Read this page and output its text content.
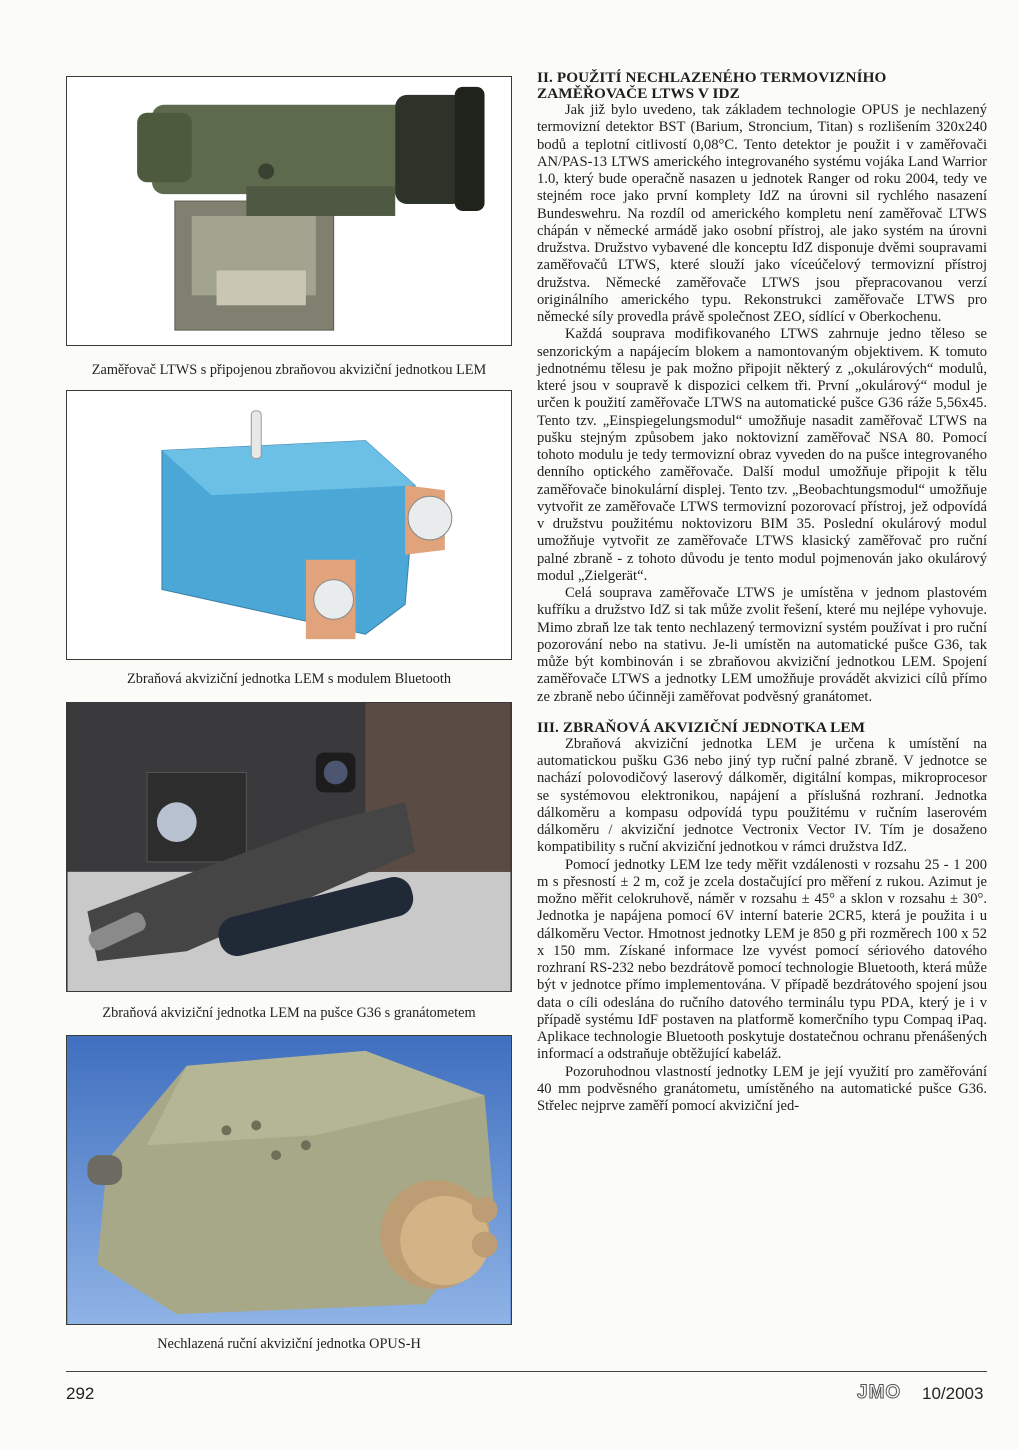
Zaměřovač LTWS s připojenou zbraňovou akviziční jednotkou LEM
Zbraňová akviziční jednotka LEM s modulem Bluetooth
Zbraňová akviziční jednotka LEM na pušce G36 s granátometem
Nechlazená ruční akviziční jednotka OPUS-H
II. POUŽITÍ NECHLAZENÉHO TERMOVIZNÍHO
ZAMĚŘOVAČE LTWS V IDZ

Jak již bylo uvedeno, tak základem technologie OPUS je nechlazený termovizní detektor BST (Barium, Stroncium, Titan) s rozlišením 320x240 bodů a teplotní citlivostí 0,08°C. Tento detektor je použit i v zaměřovači AN/PAS-13 LTWS amerického integrovaného systému vojáka Land Warrior 1.0, který bude operačně nasazen u jednotek Ranger od roku 2004, tedy ve stejném roce jako první komplety IdZ na úrovni sil rychlého nasazení Bundeswehru. Na rozdíl od amerického kompletu není zaměřovač LTWS chápán v německé armádě jako osobní přístroj, ale jako systém na úrovni družstva. Družstvo vybavené dle konceptu IdZ disponuje dvěmi soupravami zaměřovačů LTWS, které slouží jako víceúčelový termovizní přístroj družstva. Německé zaměřovače LTWS jsou přepracovanou verzí originálního amerického typu. Rekonstrukci zaměřovače LTWS pro německé síly provedla právě společnost ZEO, sídlící v Oberkochenu.

Každá souprava modifikovaného LTWS zahrnuje jedno těleso se senzorickým a napájecím blokem a namontovaným objektivem. K tomuto jednotnému tělesu je pak možno připojit některý z „okulárových“ modulů, které jsou v soupravě k dispozici celkem tři. První „okulárový“ modul je určen k použití zaměřovače LTWS na automatické pušce G36 ráže 5,56x45. Tento tzv. „Einspiegelungsmodul“ umožňuje nasadit zaměřovač LTWS na pušku stejným způsobem jako noktovizní zaměřovač NSA 80. Pomocí tohoto modulu je tedy termovizní obraz vyveden do na pušce integrovaného denního optického zaměřovače. Další modul umožňuje připojit k tělu zaměřovače binokulární displej. Tento tzv. „Beobachtungsmodul“ umožňuje vytvořit ze zaměřovače LTWS termovizní pozorovací přístroj, jež odpovídá v družstvu použitému noktovizoru BIM 35. Poslední okulárový modul umožňuje vytvořit ze zaměřovače LTWS klasický zaměřovač pro ruční palné zbraně - z tohoto důvodu je tento modul pojmenován jako okulárový modul „Zielgerät“.

Celá souprava zaměřovače LTWS je umístěna v jednom plastovém kufříku a družstvo IdZ si tak může zvolit řešení, které mu nejlépe vyhovuje. Mimo zbraň lze tak tento nechlazený termovizní systém používat i pro ruční pozorování nebo na stativu. Je-li umístěn na automatické pušce G36, tak může být kombinován i se zbraňovou akviziční jednotkou LEM. Spojení zaměřovače LTWS a jednotky LEM umožňuje provádět akvizici cílů přímo ze zbraně nebo účinněji zaměřovat podvěsný granátomet.

III. ZBRAŇOVÁ AKVIZIČNÍ JEDNOTKA LEM

Zbraňová akviziční jednotka LEM je určena k umístění na automatickou pušku G36 nebo jiný typ ruční palné zbraně. V jednotce se nachází polovodičový laserový dálkoměr, digitální kompas, mikroprocesor se systémovou elektronikou, napájení a příslušná rozhraní. Jednotka dálkoměru a kompasu odpovídá typu použitému v ručním laserovém dálkoměru / akviziční jednotce Vectronix Vector IV. Tím je dosaženo kompatibility s ruční akviziční jednotkou v rámci družstva IdZ.

Pomocí jednotky LEM lze tedy měřit vzdálenosti v rozsahu 25 - 1 200 m s přesností ± 2 m, což je zcela dostačující pro měření z rukou. Azimut je možno měřit celokruhově, náměr v rozsahu ± 45° a sklon v rozsahu ± 30°. Jednotka je napájena pomocí 6V interní baterie 2CR5, která je použita i u dálkoměru Vector. Hmotnost jednotky LEM je 850 g při rozměrech 100 x 52 x 150 mm. Získané informace lze vyvést pomocí sériového datového rozhraní RS-232 nebo bezdrátově pomocí technologie Bluetooth, která může být v jednotce přímo implementována. V případě bezdrátového spojení jsou data o cíli odeslána do ručního datového terminálu typu PDA, který je i v případě systému IdF postaven na platformě komerčního typu Compaq iPaq. Aplikace technologie Bluetooth poskytuje dostatečnou ochranu přenášených informací a odstraňuje obtěžující kabeláž.

Pozoruhodnou vlastností jednotky LEM je její využití pro zaměřování 40 mm podvěsného granátometu, umístěného na automatické pušce G36. Střelec nejprve zaměří pomocí akviziční jed-

292	JMO 10/2003
